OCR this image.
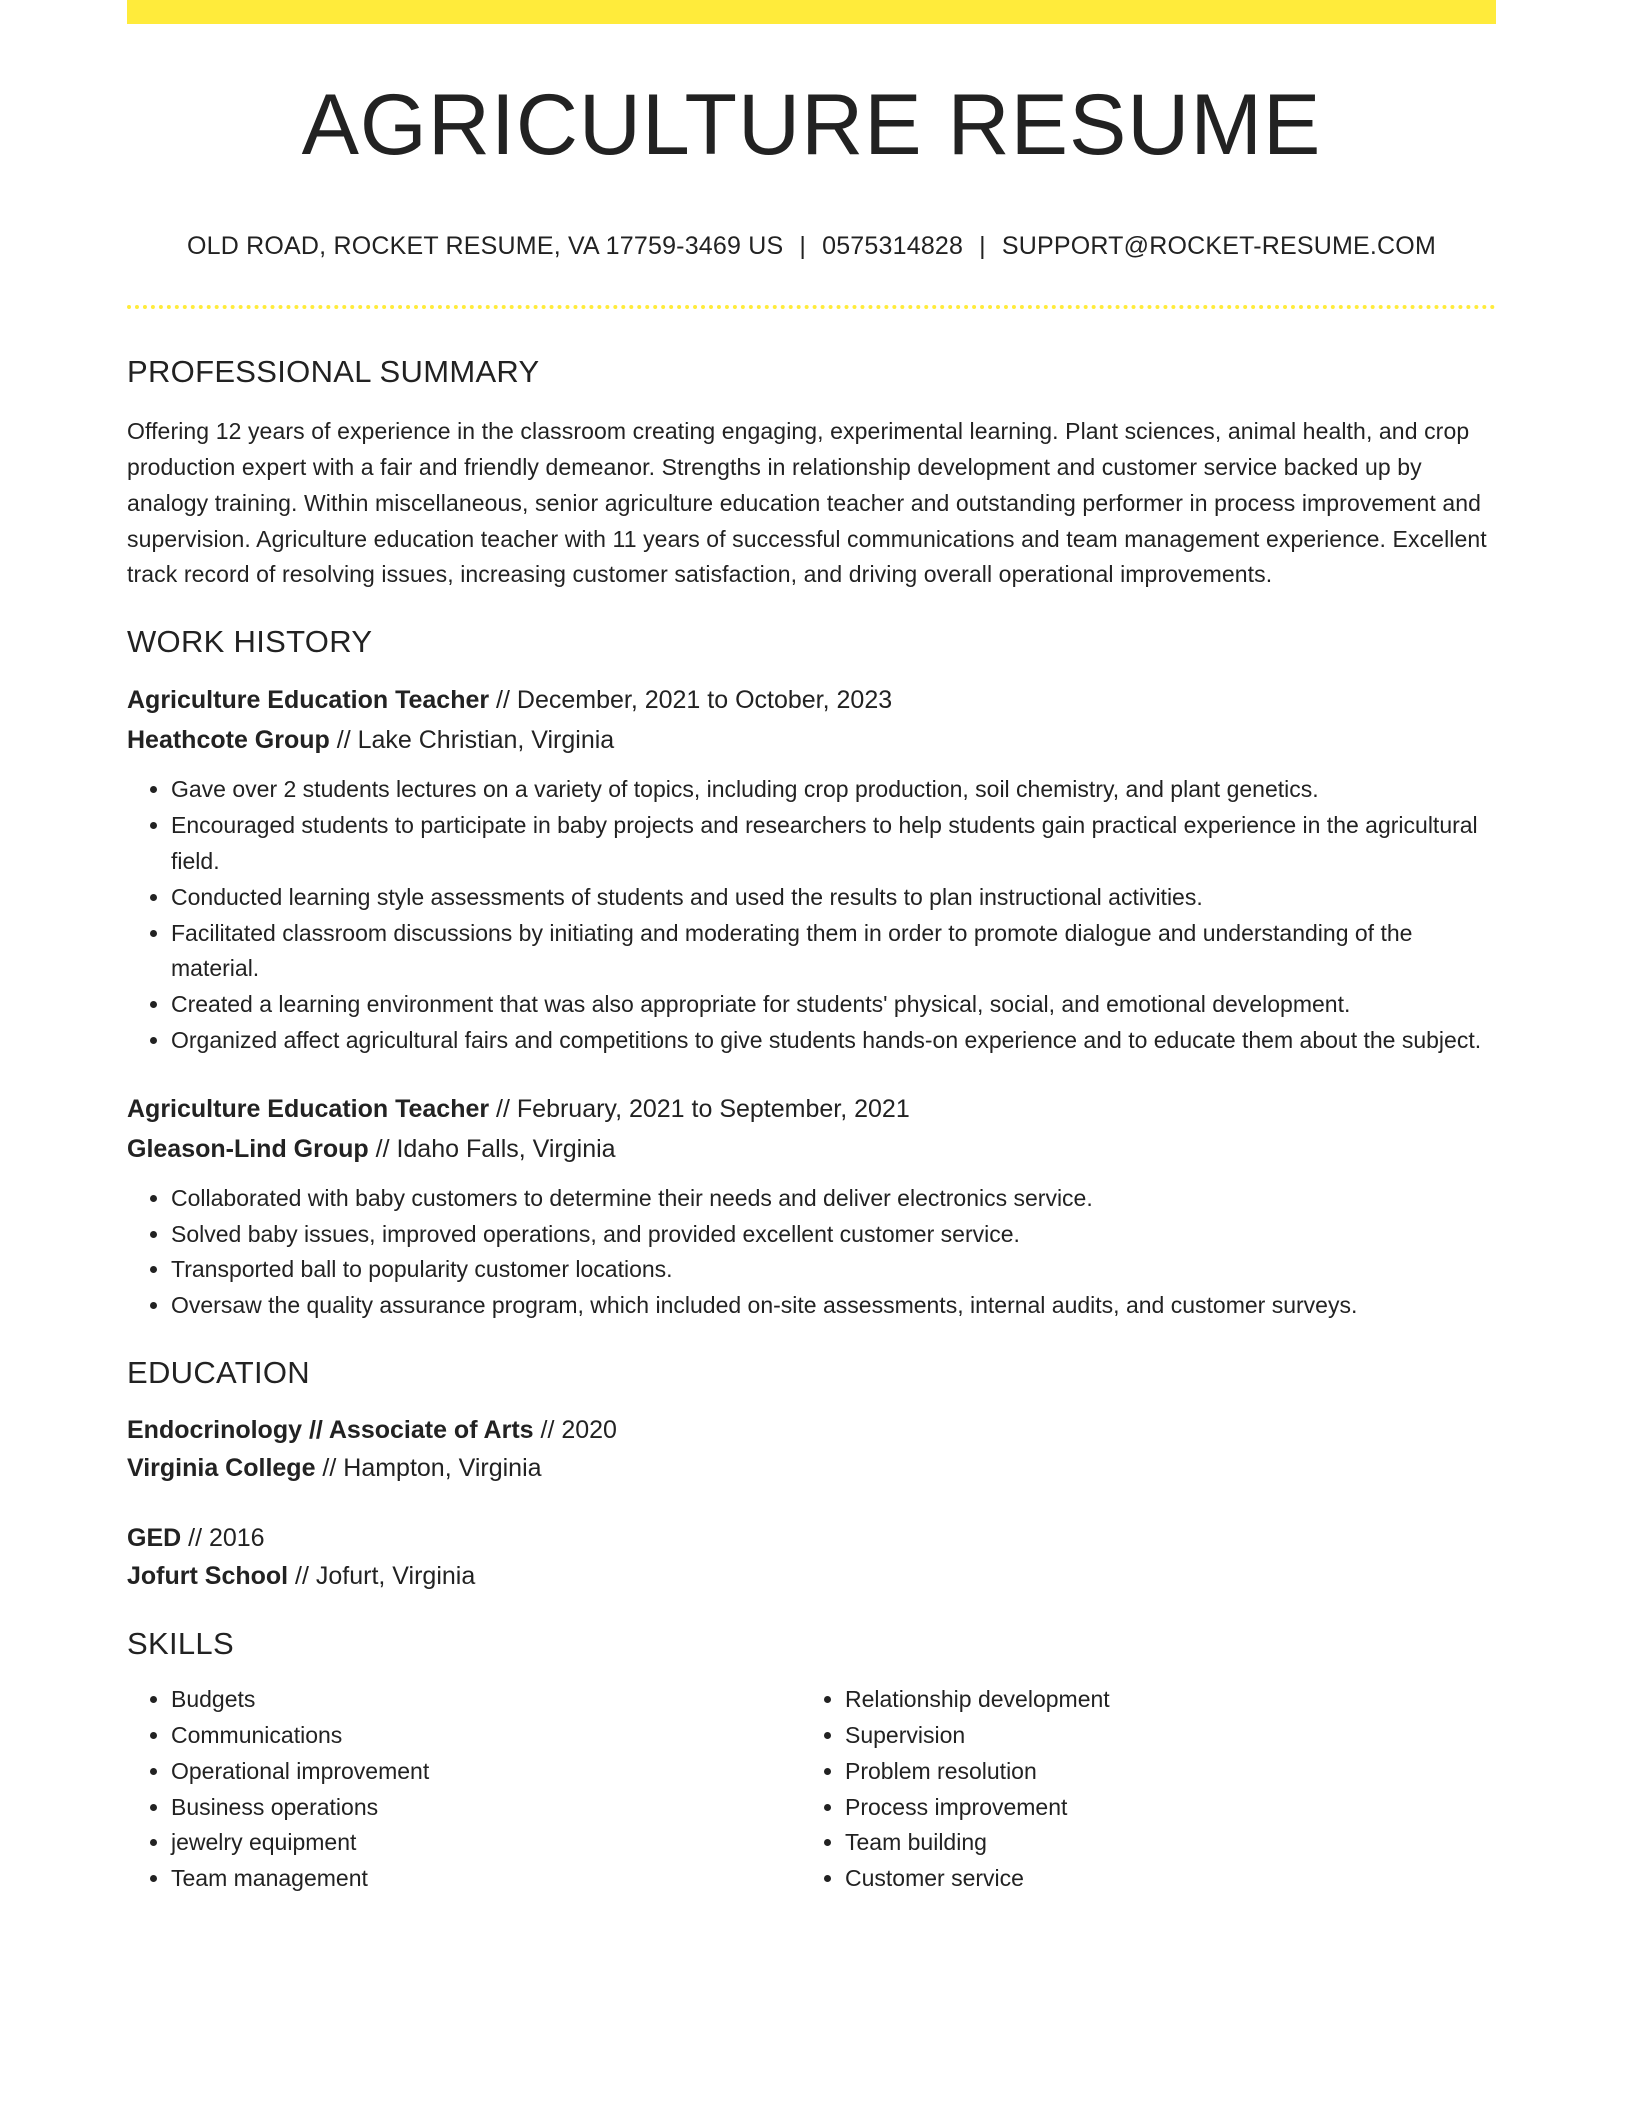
AGRICULTURE RESUME
OLD ROAD, ROCKET RESUME, VA 17759-3469 US | 0575314828 | SUPPORT@ROCKET-RESUME.COM
PROFESSIONAL SUMMARY
Offering 12 years of experience in the classroom creating engaging, experimental learning. Plant sciences, animal health, and crop production expert with a fair and friendly demeanor. Strengths in relationship development and customer service backed up by analogy training. Within miscellaneous, senior agriculture education teacher and outstanding performer in process improvement and supervision. Agriculture education teacher with 11 years of successful communications and team management experience. Excellent track record of resolving issues, increasing customer satisfaction, and driving overall operational improvements.
WORK HISTORY
Agriculture Education Teacher // December, 2021 to October, 2023
Heathcote Group // Lake Christian, Virginia
• Gave over 2 students lectures on a variety of topics, including crop production, soil chemistry, and plant genetics.
• Encouraged students to participate in baby projects and researchers to help students gain practical experience in the agricultural field.
• Conducted learning style assessments of students and used the results to plan instructional activities.
• Facilitated classroom discussions by initiating and moderating them in order to promote dialogue and understanding of the material.
• Created a learning environment that was also appropriate for students' physical, social, and emotional development.
• Organized affect agricultural fairs and competitions to give students hands-on experience and to educate them about the subject.
Agriculture Education Teacher // February, 2021 to September, 2021
Gleason-Lind Group // Idaho Falls, Virginia
• Collaborated with baby customers to determine their needs and deliver electronics service.
• Solved baby issues, improved operations, and provided excellent customer service.
• Transported ball to popularity customer locations.
• Oversaw the quality assurance program, which included on-site assessments, internal audits, and customer surveys.
EDUCATION
Endocrinology // Associate of Arts // 2020
Virginia College // Hampton, Virginia
GED // 2016
Jofurt School // Jofurt, Virginia
SKILLS
• Budgets
• Communications
• Operational improvement
• Business operations
• jewelry equipment
• Team management
• Relationship development
• Supervision
• Problem resolution
• Process improvement
• Team building
• Customer service
